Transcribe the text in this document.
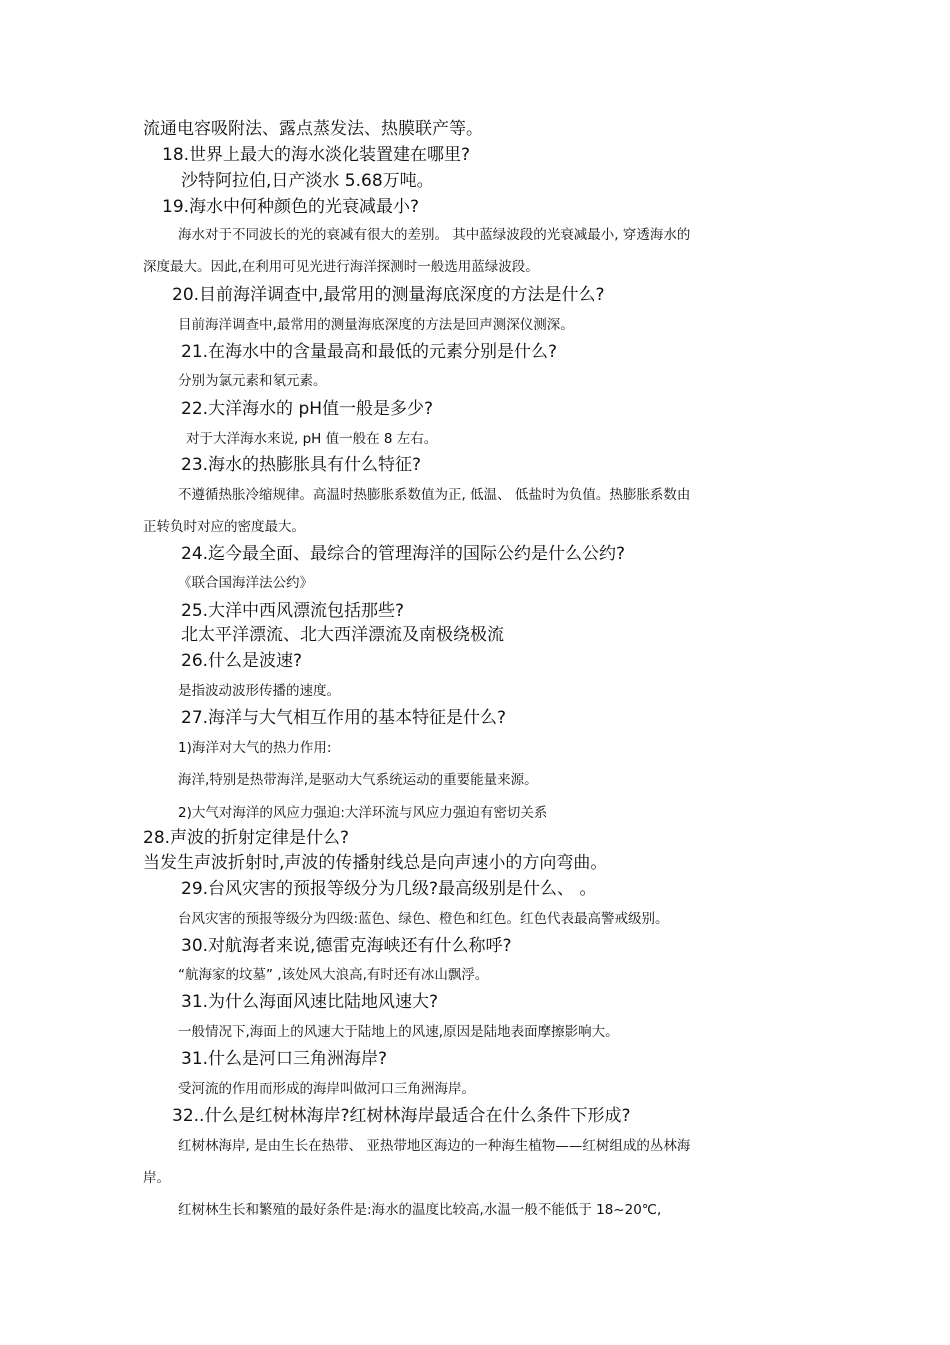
流通电容吸附法、露点蒸发法、热膜联产等。
18.世界上最大的海水淡化装置建在哪里?
沙特阿拉伯,日产淡水 5.68万吨。
19.海水中何种颜色的光衰减最小?
海水对于不同波长的光的衰减有很大的差别。 其中蓝绿波段的光衰减最小, 穿透海水的
深度最大。因此,在利用可见光进行海洋探测时一般选用蓝绿波段。
20.目前海洋调查中,最常用的测量海底深度的方法是什么?
目前海洋调查中,最常用的测量海底深度的方法是回声测深仪测深。
21.在海水中的含量最高和最低的元素分别是什么?
分别为氯元素和氡元素。
22.大洋海水的 pH值一般是多少?
对于大洋海水来说, pH 值一般在 8 左右。
23.海水的热膨胀具有什么特征?
不遵循热胀冷缩规律。高温时热膨胀系数值为正, 低温、 低盐时为负值。热膨胀系数由
正转负时对应的密度最大。
24.迄今最全面、最综合的管理海洋的国际公约是什么公约?
《联合国海洋法公约》
25.大洋中西风漂流包括那些?
北太平洋漂流、北大西洋漂流及南极绕极流
26.什么是波速?
是指波动波形传播的速度。
27.海洋与大气相互作用的基本特征是什么?
1)海洋对大气的热力作用:
海洋,特别是热带海洋,是驱动大气系统运动的重要能量来源。
2)大气对海洋的风应力强迫:大洋环流与风应力强迫有密切关系
28.声波的折射定律是什么?
当发生声波折射时,声波的传播射线总是向声速小的方向弯曲。
29.台风灾害的预报等级分为几级?最高级别是什么、 。
台风灾害的预报等级分为四级:蓝色、绿色、橙色和红色。红色代表最高警戒级别。
30.对航海者来说,德雷克海峡还有什么称呼?
“航海家的坟墓” ,该处风大浪高,有时还有冰山飘浮。
31.为什么海面风速比陆地风速大?
一般情况下,海面上的风速大于陆地上的风速,原因是陆地表面摩擦影响大。
31.什么是河口三角洲海岸?
受河流的作用而形成的海岸叫做河口三角洲海岸。
32..什么是红树林海岸?红树林海岸最适合在什么条件下形成?
红树林海岸, 是由生长在热带、 亚热带地区海边的一种海生植物——红树组成的丛林海
岸。
红树林生长和繁殖的最好条件是:海水的温度比较高,水温一般不能低于 18~20℃,
